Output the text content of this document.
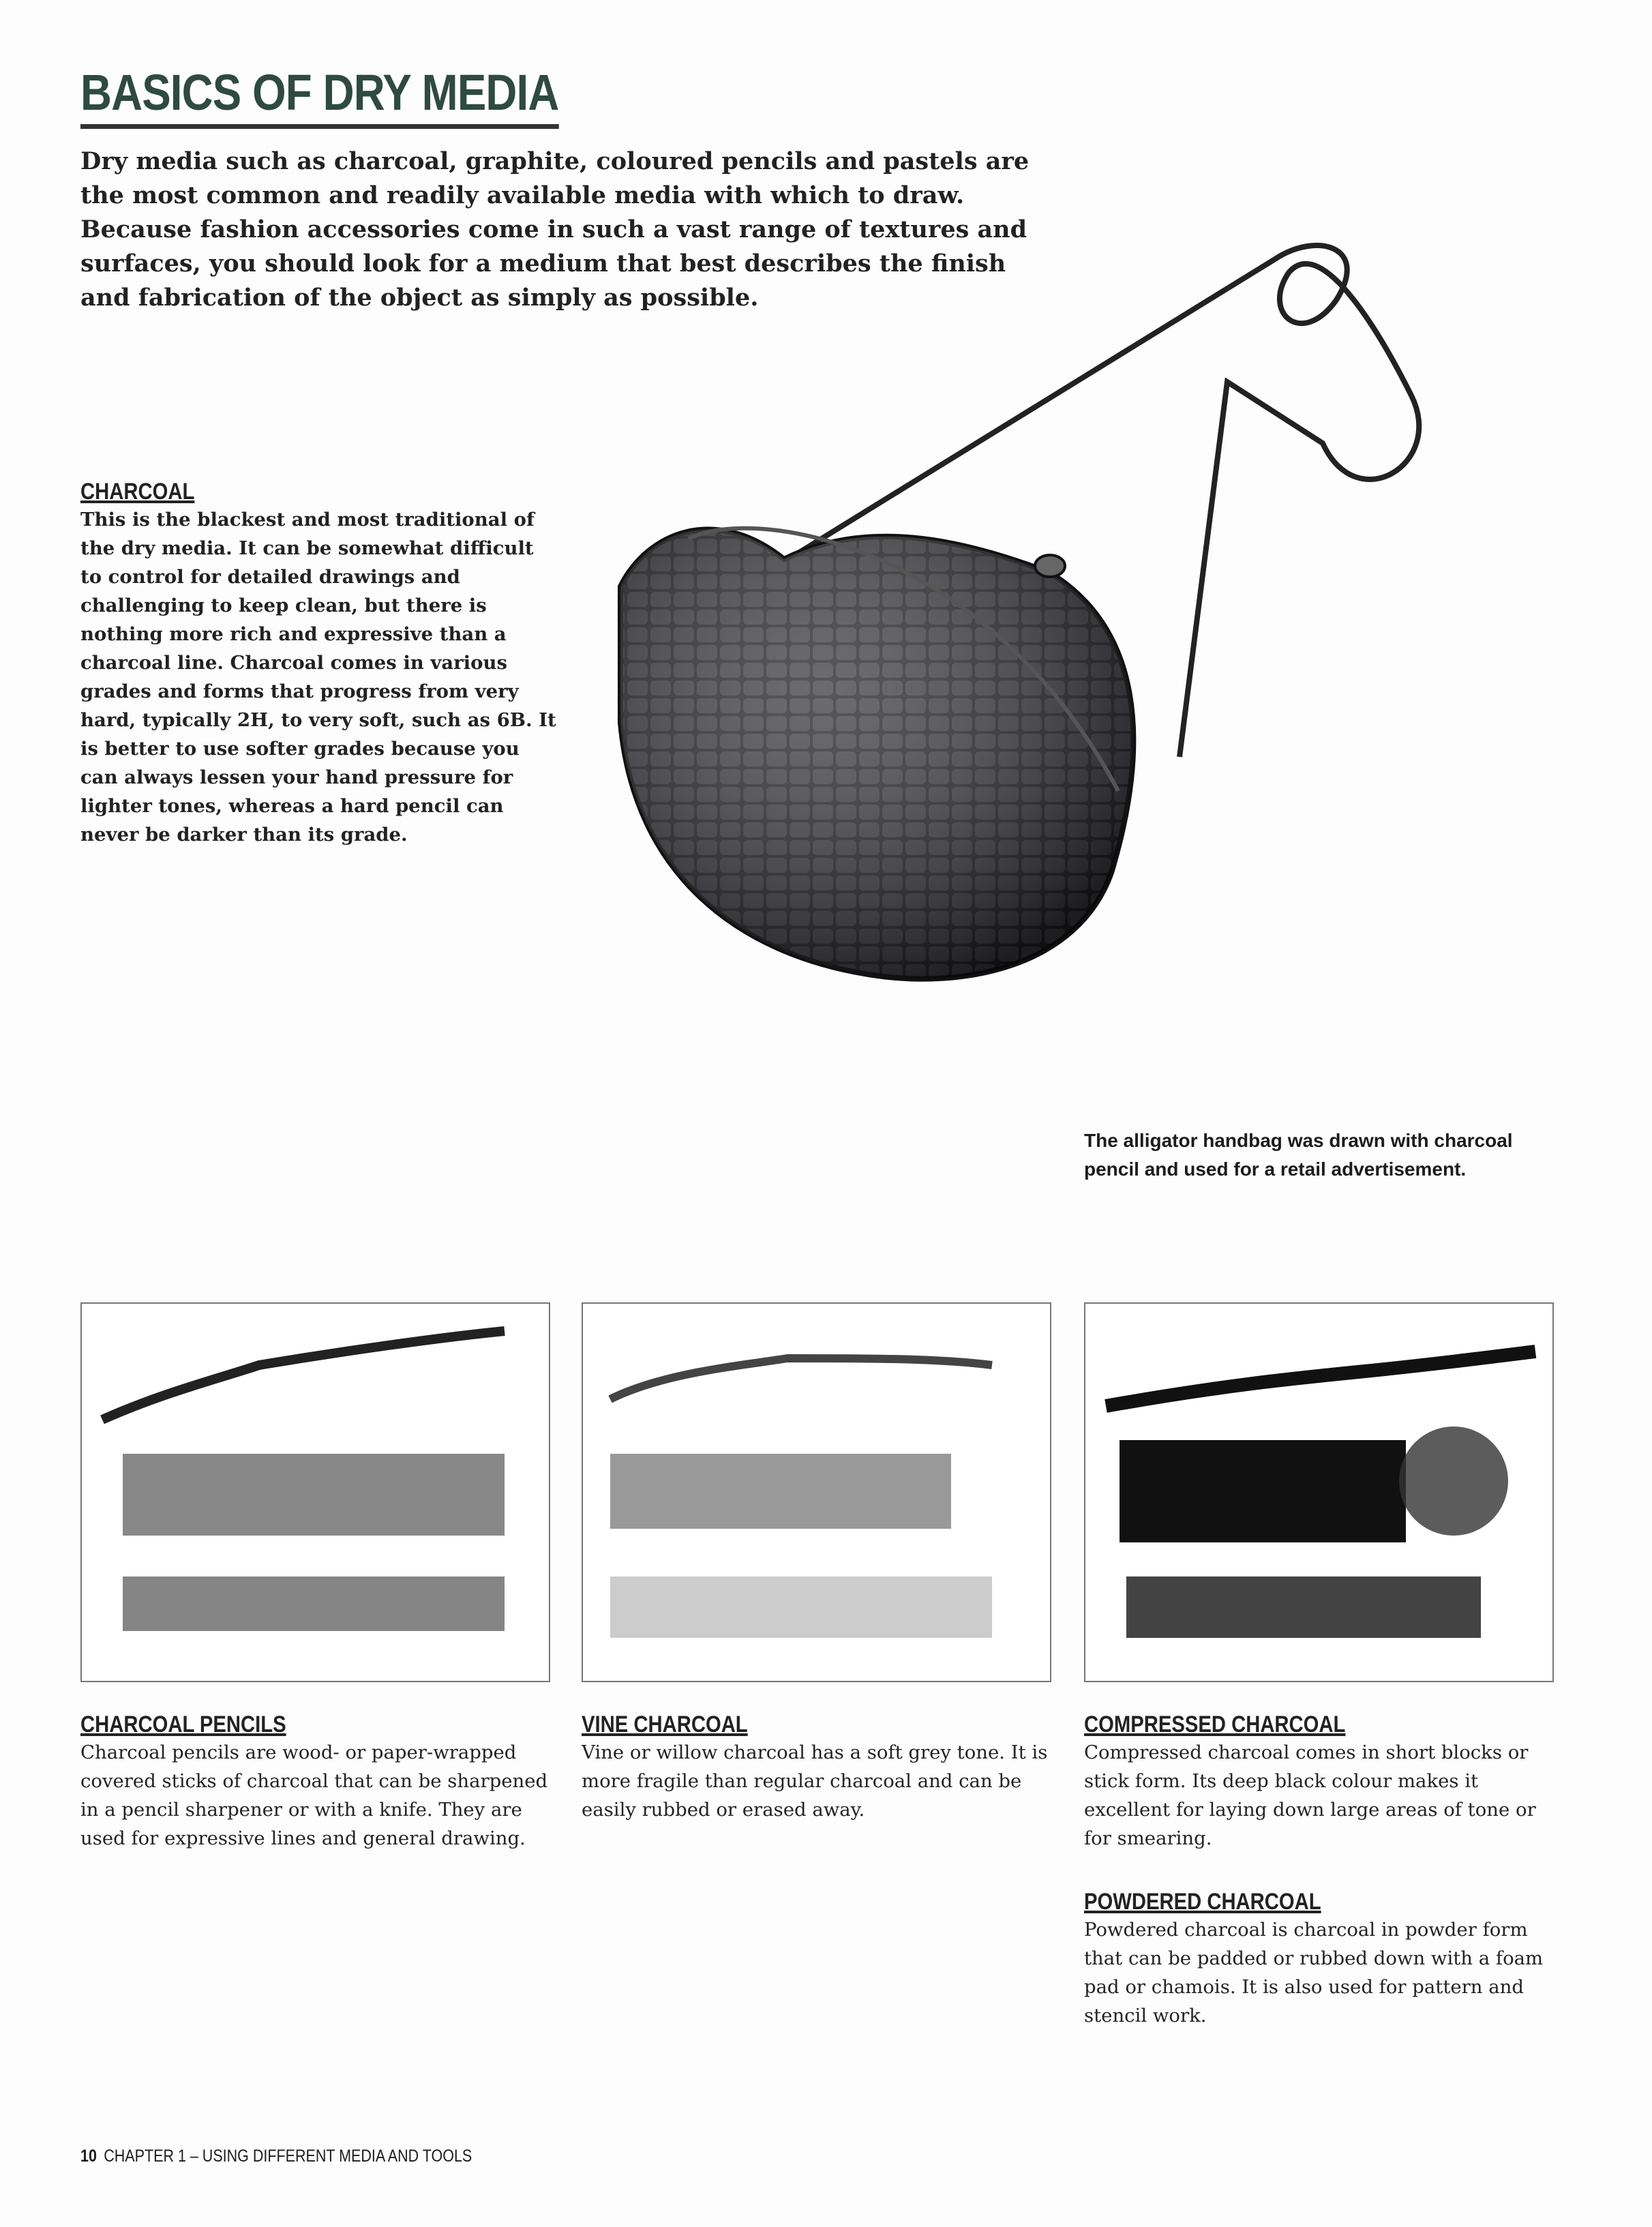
BASICS OF DRY MEDIA
Dry media such as charcoal, graphite, coloured pencils and pastels are the most common and readily available media with which to draw. Because fashion accessories come in such a vast range of textures and surfaces, you should look for a medium that best describes the finish and fabrication of the object as simply as possible.
CHARCOAL
This is the blackest and most traditional of the dry media. It can be somewhat difficult to control for detailed drawings and challenging to keep clean, but there is nothing more rich and expressive than a charcoal line. Charcoal comes in various grades and forms that progress from very hard, typically 2H, to very soft, such as 6B. It is better to use softer grades because you can always lessen your hand pressure for lighter tones, whereas a hard pencil can never be darker than its grade.
The alligator handbag was drawn with charcoal pencil and used for a retail advertisement.
CHARCOAL PENCILS
Charcoal pencils are wood- or paper-wrapped covered sticks of charcoal that can be sharpened in a pencil sharpener or with a knife. They are used for expressive lines and general drawing.
VINE CHARCOAL
Vine or willow charcoal has a soft grey tone. It is more fragile than regular charcoal and can be easily rubbed or erased away.
COMPRESSED CHARCOAL
Compressed charcoal comes in short blocks or stick form. Its deep black colour makes it excellent for laying down large areas of tone or for smearing.
POWDERED CHARCOAL
Powdered charcoal is charcoal in powder form that can be padded or rubbed down with a foam pad or chamois. It is also used for pattern and stencil work.
10 CHAPTER 1 – USING DIFFERENT MEDIA AND TOOLS
